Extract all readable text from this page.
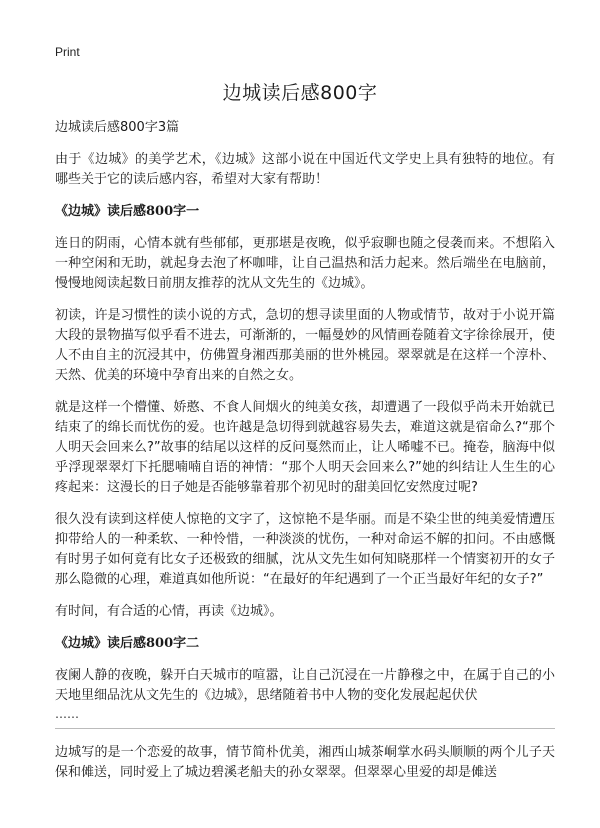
Print
边城读后感800字

边城读后感800字3篇

由于《边城》的美学艺术，《边城》这部小说在中国近代文学史上具有独特的地位。有哪些关于它的读后感内容，希望对大家有帮助！

《边城》读后感800字一

连日的阴雨，心情本就有些郁郁，更那堪是夜晚，似乎寂聊也随之侵袭而来。不想陷入一种空闲和无助，就起身去泡了杯咖啡，让自己温热和活力起来。然后端坐在电脑前，慢慢地阅读起数日前朋友推荐的沈从文先生的《边城》。

初读，许是习惯性的读小说的方式，急切的想寻读里面的人物或情节，故对于小说开篇大段的景物描写似乎看不进去，可渐渐的，一幅曼妙的风情画卷随着文字徐徐展开，使人不由自主的沉浸其中，仿佛置身湘西那美丽的世外桃园。翠翠就是在这样一个淳朴、天然、优美的环境中孕育出来的自然之女。

就是这样一个懵懂、娇憨、不食人间烟火的纯美女孩，却遭遇了一段似乎尚未开始就已结束了的绵长而忧伤的爱。也许越是急切得到就越容易失去，难道这就是宿命么?“那个人明天会回来么?”故事的结尾以这样的反问戛然而止，让人唏嘘不已。掩卷，脑海中似乎浮现翠翠灯下托腮喃喃自语的神情：“那个人明天会回来么?”她的纠结让人生生的心疼起来：这漫长的日子她是否能够靠着那个初见时的甜美回忆安然度过呢?

很久没有读到这样使人惊艳的文字了，这惊艳不是华丽。而是不染尘世的纯美爱情遭压抑带给人的一种柔软、一种怜惜，一种淡淡的忧伤，一种对命运不解的扣问。不由感慨有时男子如何竟有比女子还极致的细腻，沈从文先生如何知晓那样一个情窦初开的女子那么隐微的心理，难道真如他所说：“在最好的年纪遇到了一个正当最好年纪的女子?”

有时间，有合适的心情，再读《边城》。

《边城》读后感800字二

夜阑人静的夜晚，躲开白天城市的喧嚣，让自己沉浸在一片静穆之中，在属于自己的小天地里细品沈从文先生的《边城》，思绪随着书中人物的变化发展起起伏伏

……

边城写的是一个恋爱的故事，情节简朴优美，湘西山城茶峒掌水码头顺顺的两个儿子天保和傩送，同时爱上了城边碧溪老船夫的孙女翠翠。但翠翠心里爱的却是傩送
